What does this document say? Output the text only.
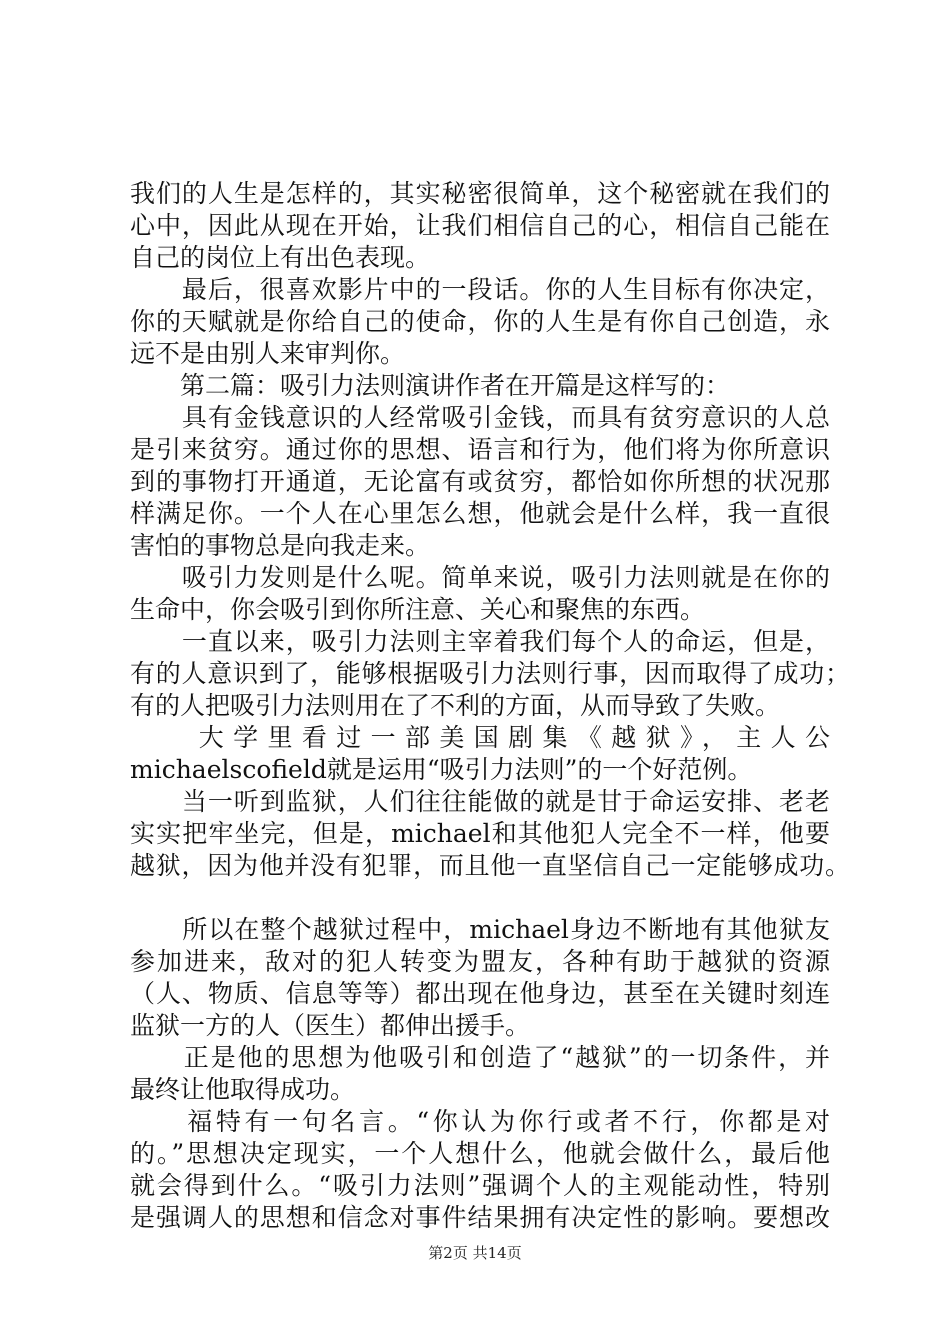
我们的人生是怎样的，其实秘密很简单，这个秘密就在我们的
心中，因此从现在开始，让我们相信自己的心，相信自己能在
自己的岗位上有出色表现。
　　最后，很喜欢影片中的一段话。你的人生目标有你决定，
你的天赋就是你给自己的使命，你的人生是有你自己创造，永
远不是由别人来审判你。
　　第二篇：吸引力法则演讲作者在开篇是这样写的：
　　具有金钱意识的人经常吸引金钱，而具有贫穷意识的人总
是引来贫穷。通过你的思想、语言和行为，他们将为你所意识
到的事物打开通道，无论富有或贫穷，都恰如你所想的状况那
样满足你。一个人在心里怎么想，他就会是什么样，我一直很
害怕的事物总是向我走来。
　　吸引力发则是什么呢。简单来说，吸引力法则就是在你的
生命中，你会吸引到你所注意、关心和聚焦的东西。
　　一直以来，吸引力法则主宰着我们每个人的命运，但是，
有的人意识到了，能够根据吸引力法则行事，因而取得了成功；
有的人把吸引力法则用在了不利的方面，从而导致了失败。
　　大学里看过一部美国剧集《越狱》，主人公
michaelscofield就是运用“吸引力法则”的一个好范例。
　　当一听到监狱，人们往往能做的就是甘于命运安排、老老
实实把牢坐完，但是，michael和其他犯人完全不一样，他要
越狱，因为他并没有犯罪，而且他一直坚信自己一定能够成功。
　　所以在整个越狱过程中，michael身边不断地有其他狱友
参加进来，敌对的犯人转变为盟友，各种有助于越狱的资源
（人、物质、信息等等）都出现在他身边，甚至在关键时刻连
监狱一方的人（医生）都伸出援手。
　　正是他的思想为他吸引和创造了“越狱”的一切条件，并
最终让他取得成功。
　　福特有一句名言。“你认为你行或者不行，你都是对
的。”思想决定现实，一个人想什么，他就会做什么，最后他
就会得到什么。“吸引力法则”强调个人的主观能动性，特别
是强调人的思想和信念对事件结果拥有决定性的影响。要想改
第2页 共14页
